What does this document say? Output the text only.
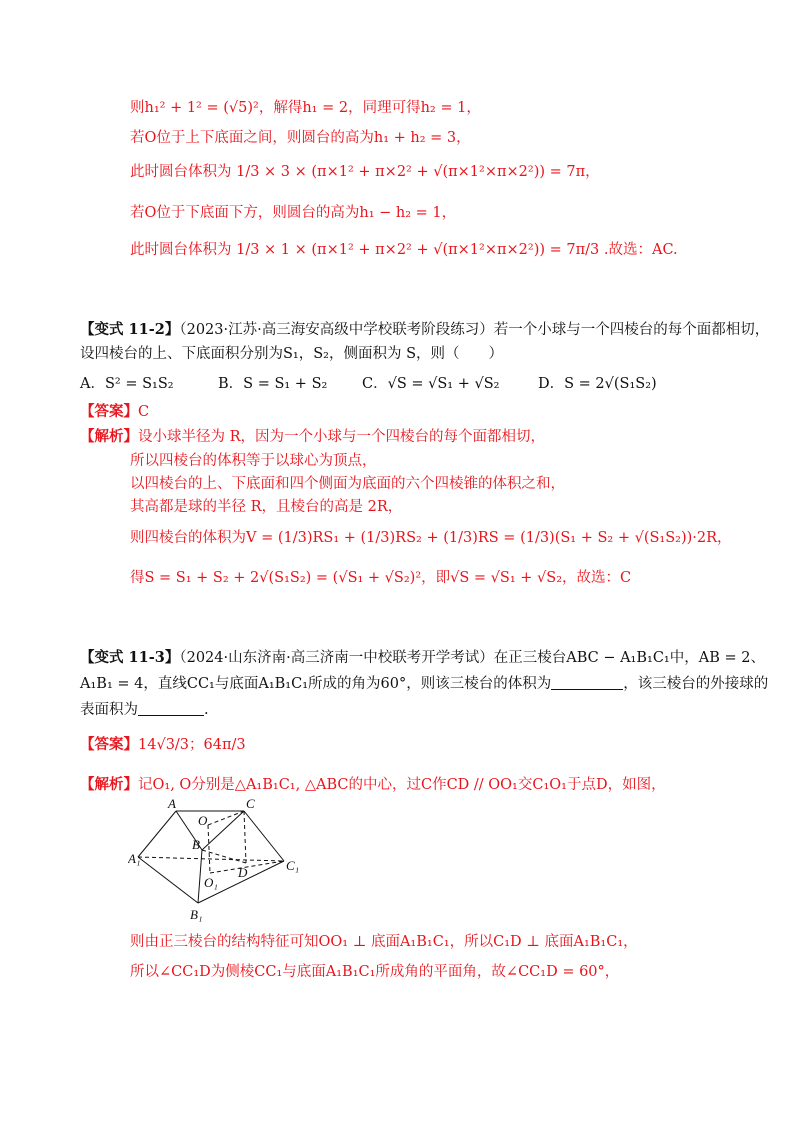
则h₁² + 1² = (√5)²，解得h₁ = 2，同理可得h₂ = 1，
若O位于上下底面之间，则圆台的高为h₁ + h₂ = 3，
此时圆台体积为 1/3 × 3 × (π×1² + π×2² + √(π×1²×π×2²)) = 7π，
若O位于下底面下方，则圆台的高为h₁ − h₂ = 1，
此时圆台体积为 1/3 × 1 × (π×1² + π×2² + √(π×1²×π×2²)) = 7π/3 .故选：AC.
【变式 11-2】（2023·江苏·高三海安高级中学校联考阶段练习）若一个小球与一个四棱台的每个面都相切，
设四棱台的上、下底面积分别为S₁，S₂，侧面积为 S，则（　　）
A．S² = S₁S₂	B．S = S₁ + S₂ C．√S = √S₁ + √S₂	D．S = 2√(S₁S₂)
【答案】C
【解析】设小球半径为 R，因为一个小球与一个四棱台的每个面都相切，
所以四棱台的体积等于以球心为顶点，
以四棱台的上、下底面和四个侧面为底面的六个四棱锥的体积之和，
其高都是球的半径 R，且棱台的高是 2R，
则四棱台的体积为V = (1/3)RS₁ + (1/3)RS₂ + (1/3)RS = (1/3)(S₁ + S₂ + √(S₁S₂))·2R，
得S = S₁ + S₂ + 2√(S₁S₂) = (√S₁ + √S₂)²，即√S = √S₁ + √S₂，故选：C
【变式 11-3】（2024·山东济南·高三济南一中校联考开学考试）在正三棱台ABC − A₁B₁C₁中，AB = 2、
A₁B₁ = 4，直线CC₁与底面A₁B₁C₁所成的角为60°，则该三棱台的体积为	，该三棱台的外接球的
表面积为	.
【答案】14√3/3；64π/3
【解析】记O₁, O分别是△A₁B₁C₁, △ABC的中心，过C作CD // OO₁交C₁O₁于点D，如图，
A	C
O
B
A₁
D	C₁
O₁
B₁
则由正三棱台的结构特征可知OO₁ ⊥ 底面A₁B₁C₁，所以C₁D ⊥ 底面A₁B₁C₁，
所以∠CC₁D为侧棱CC₁与底面A₁B₁C₁所成角的平面角，故∠CC₁D = 60°，
